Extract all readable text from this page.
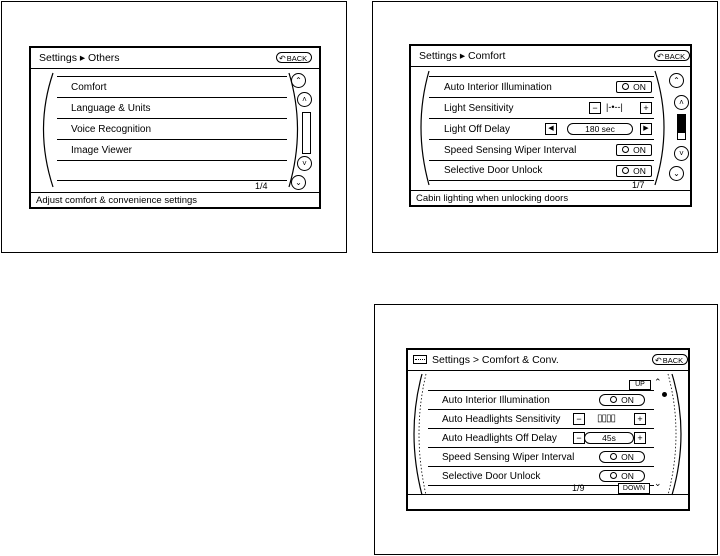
Settings ▸ Others	↶BACK
Comfort
Language & Units
Voice Recognition
Image Viewer
1/4
⌃
˄
˅
⌄
Adjust comfort & convenience settings
Settings ▸ Comfort	↶BACK
Auto Interior Illumination	ON
Light Sensitivity	− |-•--|	+
Light Off Delay	◀	180 sec	▶
Speed Sensing Wiper Interval	ON
Selective Door Unlock	ON
1/7
⌃
˄
˅
⌄
Cabin lighting when unlocking doors
Settings > Comfort & Conv.	↶BACK
UP	⌃
Auto Interior Illumination	ON
Auto Headlights Sensitivity	−	▯▯▯▯	+
Auto Headlights Off Delay	−	45s	+
Speed Sensing Wiper Interval	ON
Selective Door Unlock	ON
1/9	DOWN
⌄
